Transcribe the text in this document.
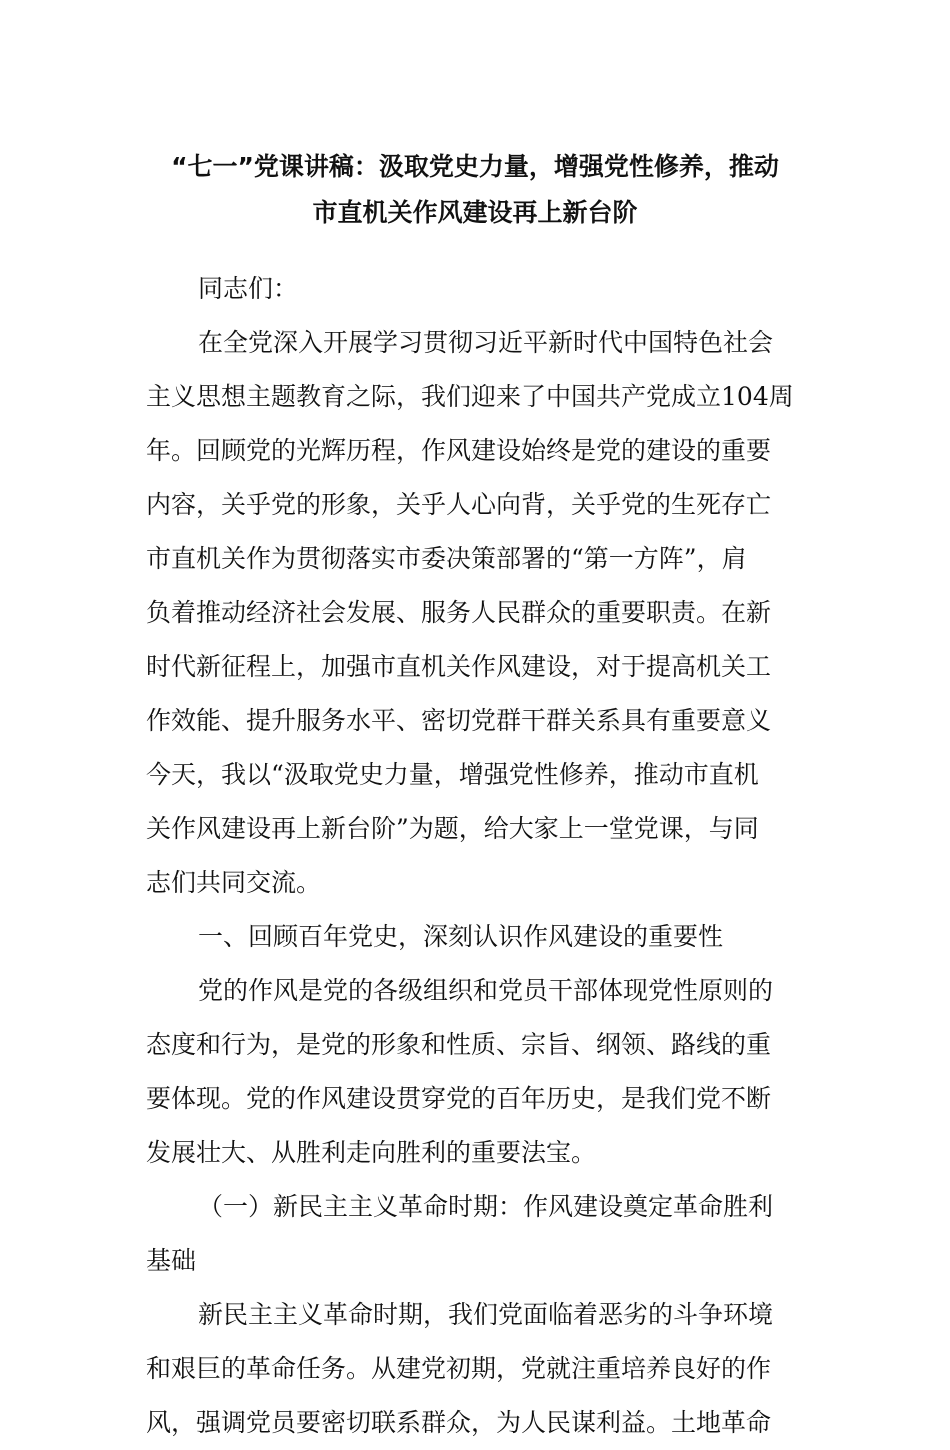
“七一”党课讲稿：汲取党史力量，增强党性修养，推动
市直机关作风建设再上新台阶

同志们：

在全党深入开展学习贯彻习近平新时代中国特色社会
主义思想主题教育之际，我们迎来了中国共产党成立104周
年。回顾党的光辉历程，作风建设始终是党的建设的重要
内容，关乎党的形象，关乎人心向背，关乎党的生死存亡
市直机关作为贯彻落实市委决策部署的“第一方阵”，肩
负着推动经济社会发展、服务人民群众的重要职责。在新
时代新征程上，加强市直机关作风建设，对于提高机关工
作效能、提升服务水平、密切党群干群关系具有重要意义
今天，我以“汲取党史力量，增强党性修养，推动市直机
关作风建设再上新台阶”为题，给大家上一堂党课，与同
志们共同交流。

一、回顾百年党史，深刻认识作风建设的重要性

党的作风是党的各级组织和党员干部体现党性原则的
态度和行为，是党的形象和性质、宗旨、纲领、路线的重
要体现。党的作风建设贯穿党的百年历史，是我们党不断
发展壮大、从胜利走向胜利的重要法宝。

（一）新民主主义革命时期：作风建设奠定革命胜利
基础

新民主主义革命时期，我们党面临着恶劣的斗争环境
和艰巨的革命任务。从建党初期，党就注重培养良好的作
风，强调党员要密切联系群众，为人民谋利益。土地革命
